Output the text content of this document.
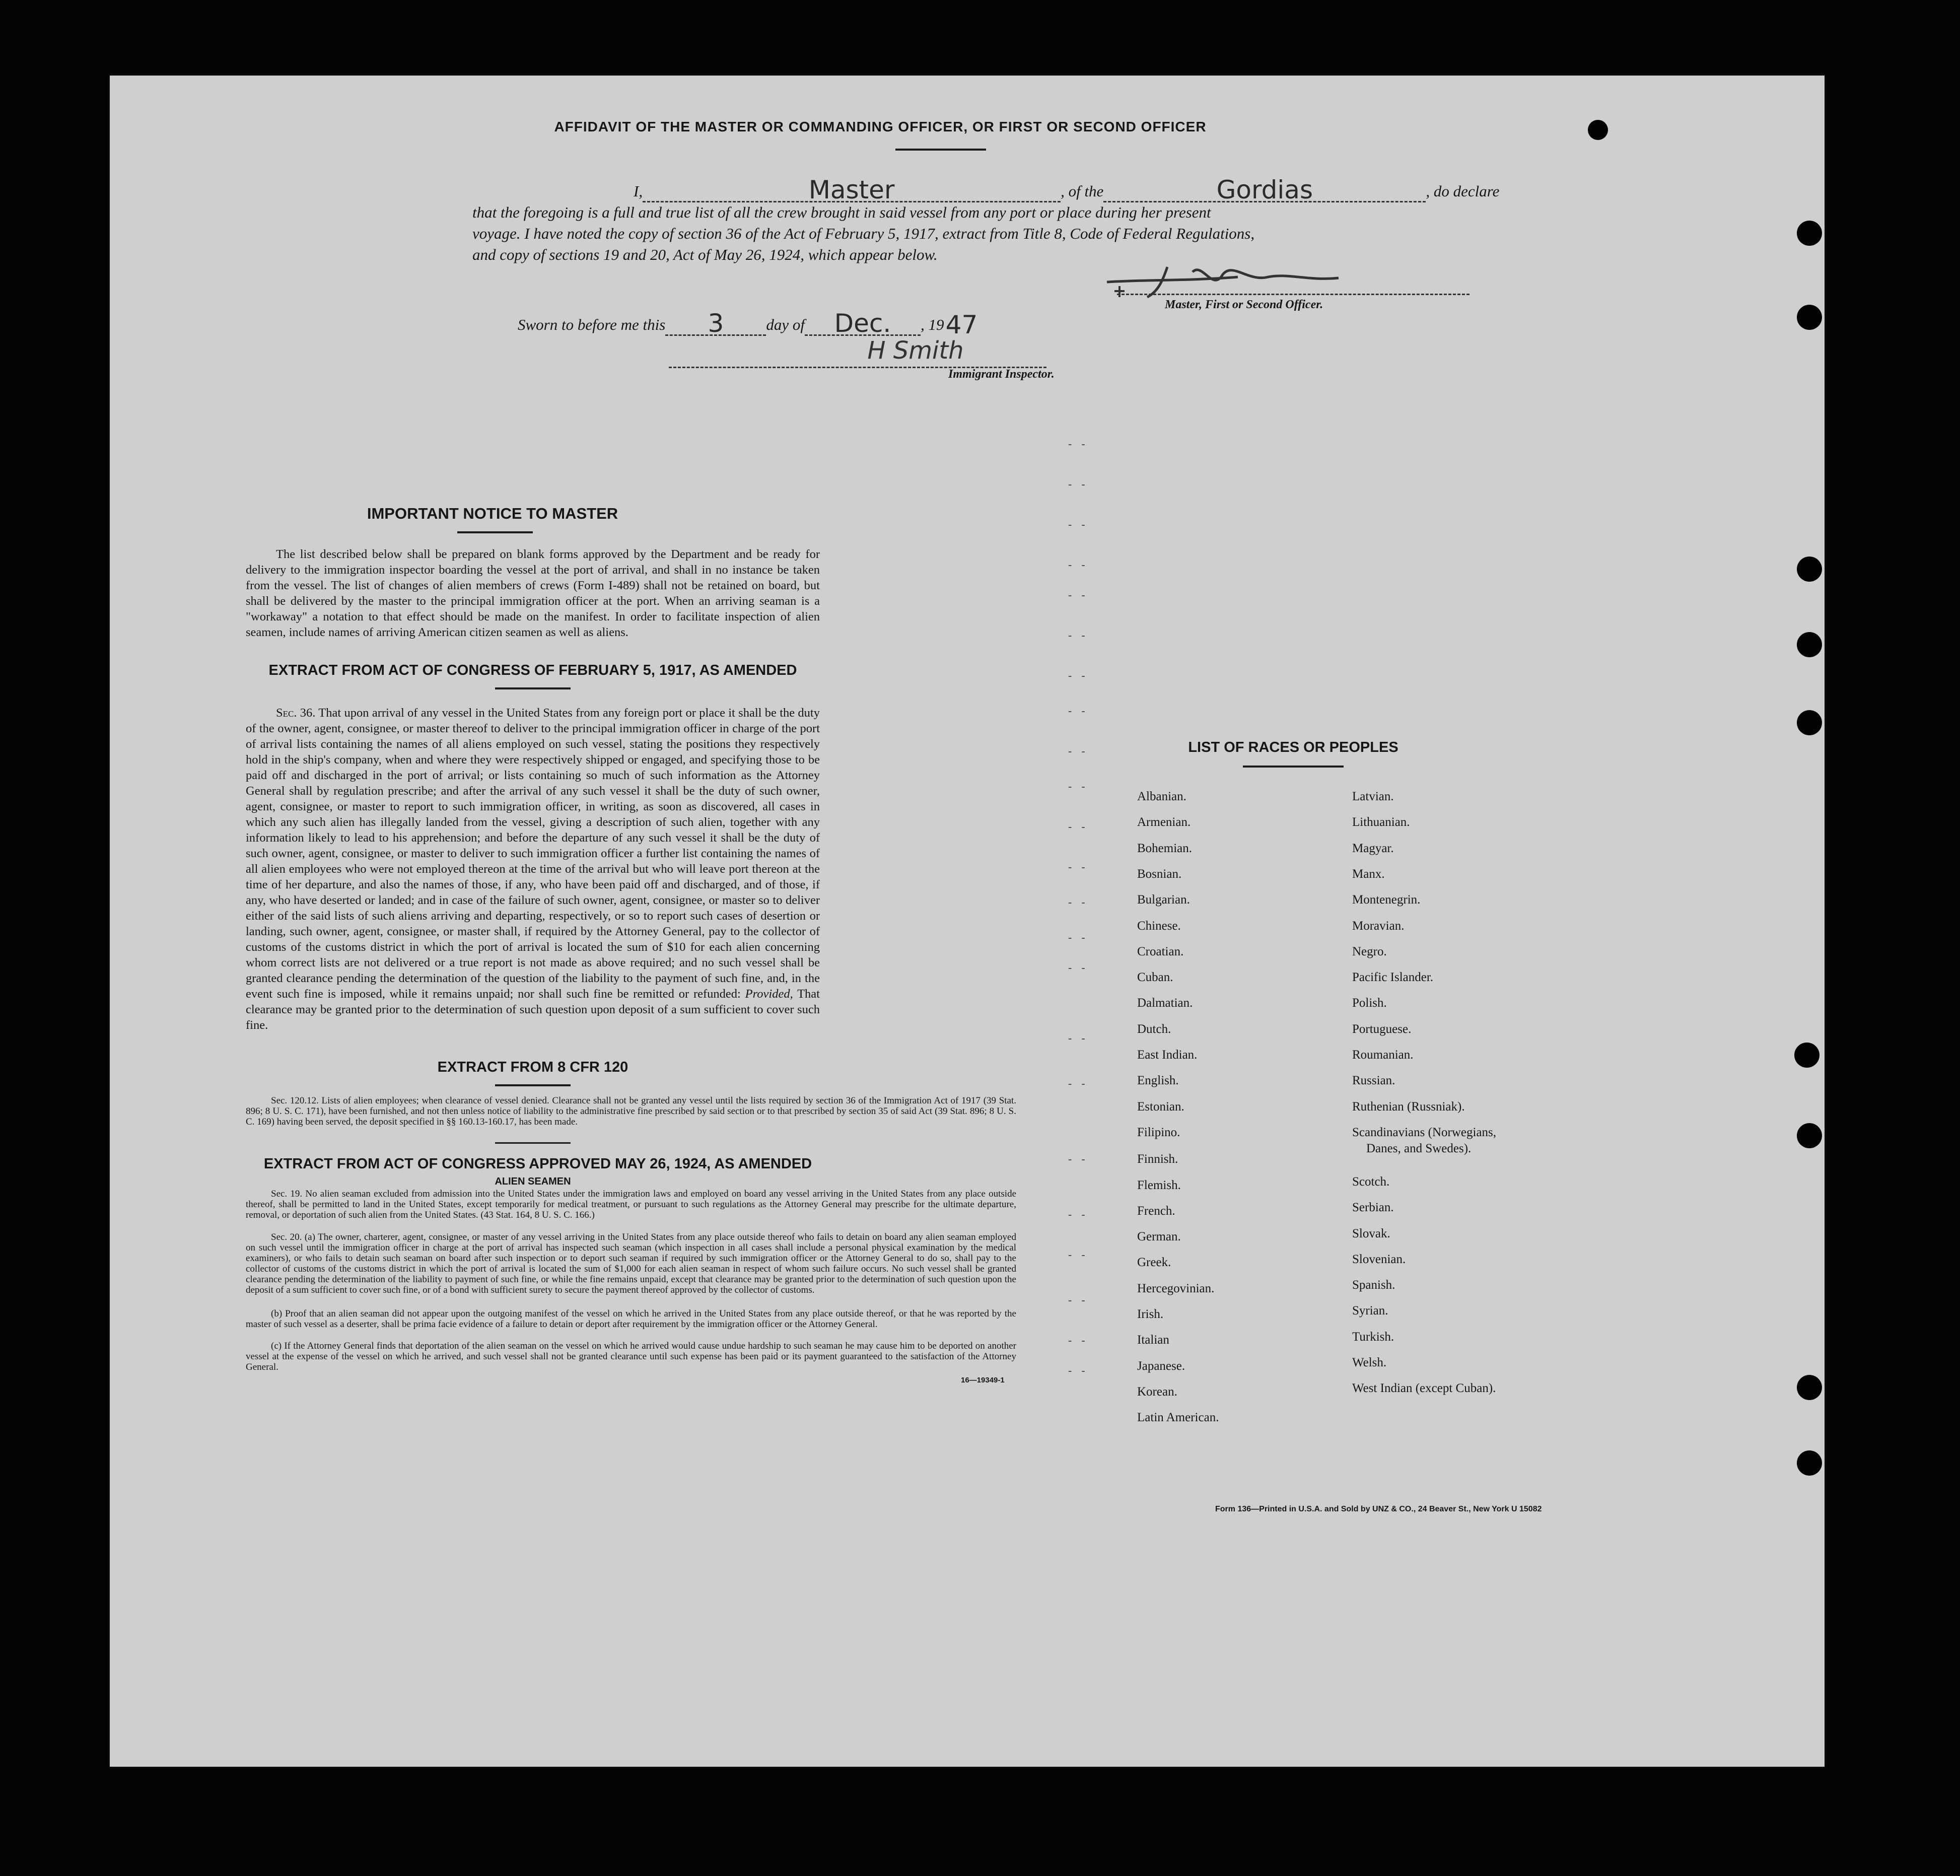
AFFIDAVIT OF THE MASTER OR COMMANDING OFFICER, OR FIRST OR SECOND OFFICER
I,	Master	, of the	Gordias	, do declare
that the foregoing is a full and true list of all the crew brought in said vessel from any port or place during her present
voyage. I have noted the copy of section 36 of the Act of February 5, 1917, extract from Title 8, Code of Federal Regulations,
and copy of sections 19 and 20, Act of May 26, 1924, which appear below.
Master, First or Second Officer.
Sworn to before me this 3	day of Dec. , 1947
H Smith
Immigrant Inspector.
IMPORTANT NOTICE TO MASTER
The list described below shall be prepared on blank forms approved by the Department and be ready for delivery to the immigration inspector boarding the vessel at the port of arrival, and shall in no instance be taken from the vessel. The list of changes of alien members of crews (Form I-489) shall not be retained on board, but shall be delivered by the master to the principal immigration officer at the port. When an arriving seaman is a "workaway" a notation to that effect should be made on the manifest. In order to facilitate inspection of alien seamen, include names of arriving American citizen seamen as well as aliens.
EXTRACT FROM ACT OF CONGRESS OF FEBRUARY 5, 1917, AS AMENDED
Sec. 36. That upon arrival of any vessel in the United States from any foreign port or place it shall be the duty of the owner, agent, consignee, or master thereof to deliver to the principal immigration officer in charge of the port of arrival lists containing the names of all aliens employed on such vessel, stating the positions they respectively hold in the ship's company, when and where they were respectively shipped or engaged, and specifying those to be paid off and discharged in the port of arrival; or lists containing so much of such information as the Attorney General shall by regulation prescribe; and after the arrival of any such vessel it shall be the duty of such owner, agent, consignee, or master to report to such immigration officer, in writing, as soon as discovered, all cases in which any such alien has illegally landed from the vessel, giving a description of such alien, together with any information likely to lead to his apprehension; and before the departure of any such vessel it shall be the duty of such owner, agent, consignee, or master to deliver to such immigration officer a further list containing the names of all alien employees who were not employed thereon at the time of the arrival but who will leave port thereon at the time of her departure, and also the names of those, if any, who have been paid off and discharged, and of those, if any, who have deserted or landed; and in case of the failure of such owner, agent, consignee, or master so to deliver either of the said lists of such aliens arriving and departing, respectively, or so to report such cases of desertion or landing, such owner, agent, consignee, or master shall, if required by the Attorney General, pay to the collector of customs of the customs district in which the port of arrival is located the sum of $10 for each alien concerning whom correct lists are not delivered or a true report is not made as above required; and no such vessel shall be granted clearance pending the determination of the question of the liability to the payment of such fine, and, in the event such fine is imposed, while it remains unpaid; nor shall such fine be remitted or refunded: Provided, That clearance may be granted prior to the determination of such question upon deposit of a sum sufficient to cover such fine.
EXTRACT FROM 8 CFR 120
Sec. 120.12. Lists of alien employees; when clearance of vessel denied. Clearance shall not be granted any vessel until the lists required by section 36 of the Immigration Act of 1917 (39 Stat. 896; 8 U. S. C. 171), have been furnished, and not then unless notice of liability to the administrative fine prescribed by said section or to that prescribed by section 35 of said Act (39 Stat. 896; 8 U. S. C. 169) having been served, the deposit specified in §§ 160.13-160.17, has been made.
EXTRACT FROM ACT OF CONGRESS APPROVED MAY 26, 1924, AS AMENDED
ALIEN SEAMEN
Sec. 19. No alien seaman excluded from admission into the United States under the immigration laws and employed on board any vessel arriving in the United States from any place outside thereof, shall be permitted to land in the United States, except temporarily for medical treatment, or pursuant to such regulations as the Attorney General may prescribe for the ultimate departure, removal, or deportation of such alien from the United States. (43 Stat. 164, 8 U. S. C. 166.)
Sec. 20. (a) The owner, charterer, agent, consignee, or master of any vessel arriving in the United States from any place outside thereof who fails to detain on board any alien seaman employed on such vessel until the immigration officer in charge at the port of arrival has inspected such seaman (which inspection in all cases shall include a personal physical examination by the medical examiners), or who fails to detain such seaman on board after such inspection or to deport such seaman if required by such immigration officer or the Attorney General to do so, shall pay to the collector of customs of the customs district in which the port of arrival is located the sum of $1,000 for each alien seaman in respect of whom such failure occurs. No such vessel shall be granted clearance pending the determination of the liability to payment of such fine, or while the fine remains unpaid, except that clearance may be granted prior to the determination of such question upon the deposit of a sum sufficient to cover such fine, or of a bond with sufficient surety to secure the payment thereof approved by the collector of customs.
(b) Proof that an alien seaman did not appear upon the outgoing manifest of the vessel on which he arrived in the United States from any place outside thereof, or that he was reported by the master of such vessel as a deserter, shall be prima facie evidence of a failure to detain or deport after requirement by the immigration officer or the Attorney General.
(c) If the Attorney General finds that deportation of the alien seaman on the vessel on which he arrived would cause undue hardship to such seaman he may cause him to be deported on another vessel at the expense of the vessel on which he arrived, and such vessel shall not be granted clearance until such expense has been paid or its payment guaranteed to the satisfaction of the Attorney General.
16—19349-1
LIST OF RACES OR PEOPLES
Albanian.
Armenian.
Bohemian.
Bosnian.
Bulgarian.
Chinese.
Croatian.
Cuban.
Dalmatian.
Dutch.
East Indian.
English.
Estonian.
Filipino.
Finnish.
Flemish.
French.
German.
Greek.
Hercegovinian.
Irish.
Italian
Japanese.
Korean.
Latin American.
Latvian.
Lithuanian.
Magyar.
Manx.
Montenegrin.
Moravian.
Negro.
Pacific Islander.
Polish.
Portuguese.
Roumanian.
Russian.
Ruthenian (Russniak).
Scandinavians (Norwegians,
Danes, and Swedes).
Scotch.
Serbian.
Slovak.
Slovenian.
Spanish.
Syrian.
Turkish.
Welsh.
West Indian (except Cuban).
Form 136—Printed in U.S.A. and Sold by UNZ & CO., 24 Beaver St., New York U 15082
- -
- -
- -
- -
- -
- -
- -
- -
- -
- -
- -
- -
- -
- -
- -
- -
- -
- -
- -
- -
- -
- -
- -
